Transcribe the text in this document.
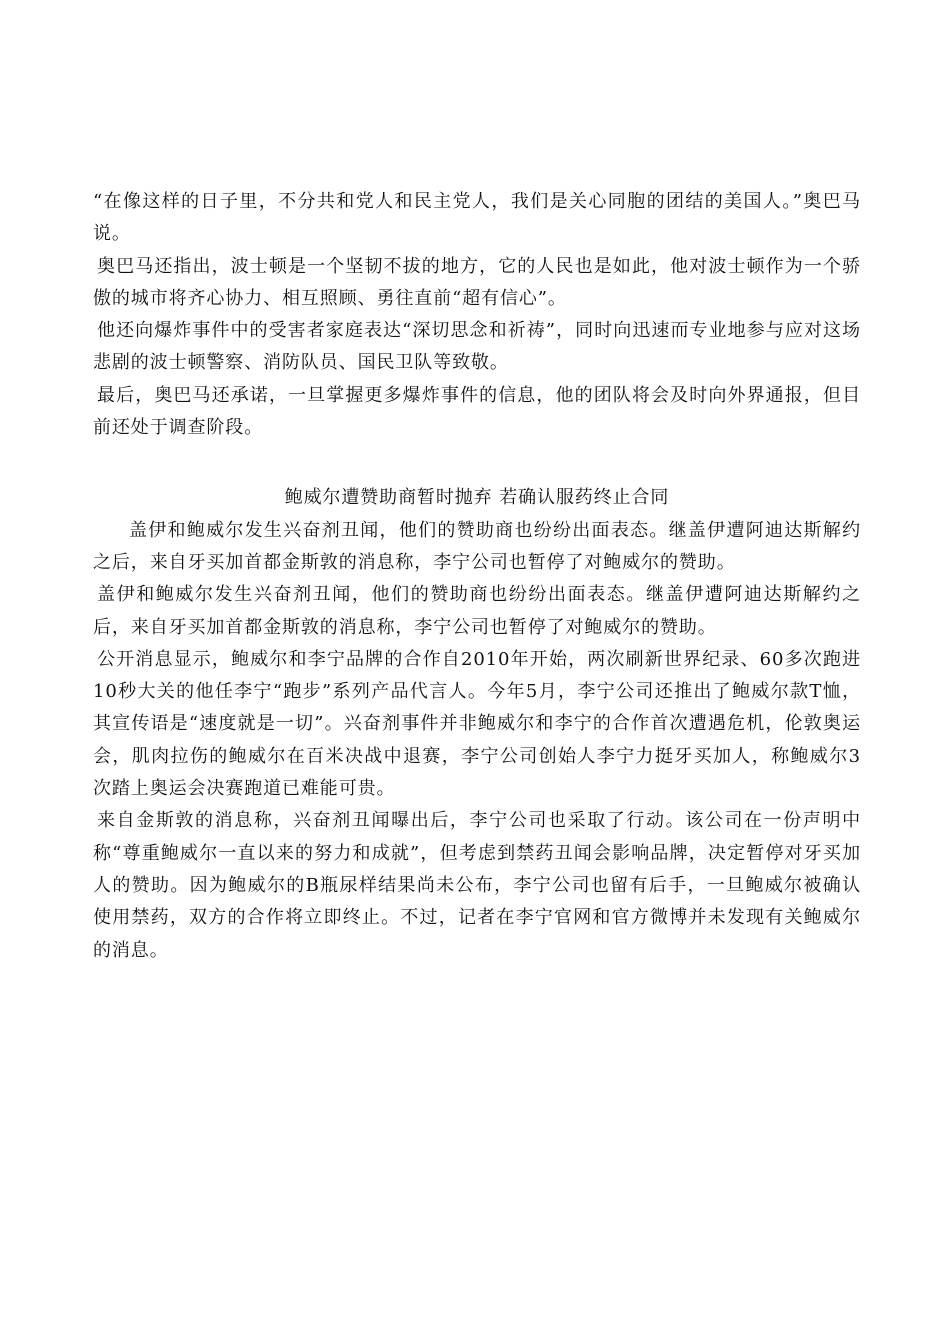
“在像这样的日子里，不分共和党人和民主党人，我们是关心同胞的团结的美国人。”奥巴马说。

奥巴马还指出，波士顿是一个坚韧不拔的地方，它的人民也是如此，他对波士顿作为一个骄傲的城市将齐心协力、相互照顾、勇往直前“超有信心”。

他还向爆炸事件中的受害者家庭表达“深切思念和祈祷”，同时向迅速而专业地参与应对这场悲剧的波士顿警察、消防队员、国民卫队等致敬。

最后，奥巴马还承诺，一旦掌握更多爆炸事件的信息，他的团队将会及时向外界通报，但目前还处于调查阶段。

鲍威尔遭赞助商暂时抛弃 若确认服药终止合同

盖伊和鲍威尔发生兴奋剂丑闻，他们的赞助商也纷纷出面表态。继盖伊遭阿迪达斯解约之后，来自牙买加首都金斯敦的消息称，李宁公司也暂停了对鲍威尔的赞助。

盖伊和鲍威尔发生兴奋剂丑闻，他们的赞助商也纷纷出面表态。继盖伊遭阿迪达斯解约之后，来自牙买加首都金斯敦的消息称，李宁公司也暂停了对鲍威尔的赞助。

公开消息显示，鲍威尔和李宁品牌的合作自2010年开始，两次刷新世界纪录、60多次跑进10秒大关的他任李宁“跑步”系列产品代言人。今年5月，李宁公司还推出了鲍威尔款T恤，其宣传语是“速度就是一切”。兴奋剂事件并非鲍威尔和李宁的合作首次遭遇危机，伦敦奥运会，肌肉拉伤的鲍威尔在百米决战中退赛，李宁公司创始人李宁力挺牙买加人，称鲍威尔3次踏上奥运会决赛跑道已难能可贵。

来自金斯敦的消息称，兴奋剂丑闻曝出后，李宁公司也采取了行动。该公司在一份声明中称“尊重鲍威尔一直以来的努力和成就”，但考虑到禁药丑闻会影响品牌，决定暂停对牙买加人的赞助。因为鲍威尔的B瓶尿样结果尚未公布，李宁公司也留有后手，一旦鲍威尔被确认使用禁药，双方的合作将立即终止。不过，记者在李宁官网和官方微博并未发现有关鲍威尔的消息。
